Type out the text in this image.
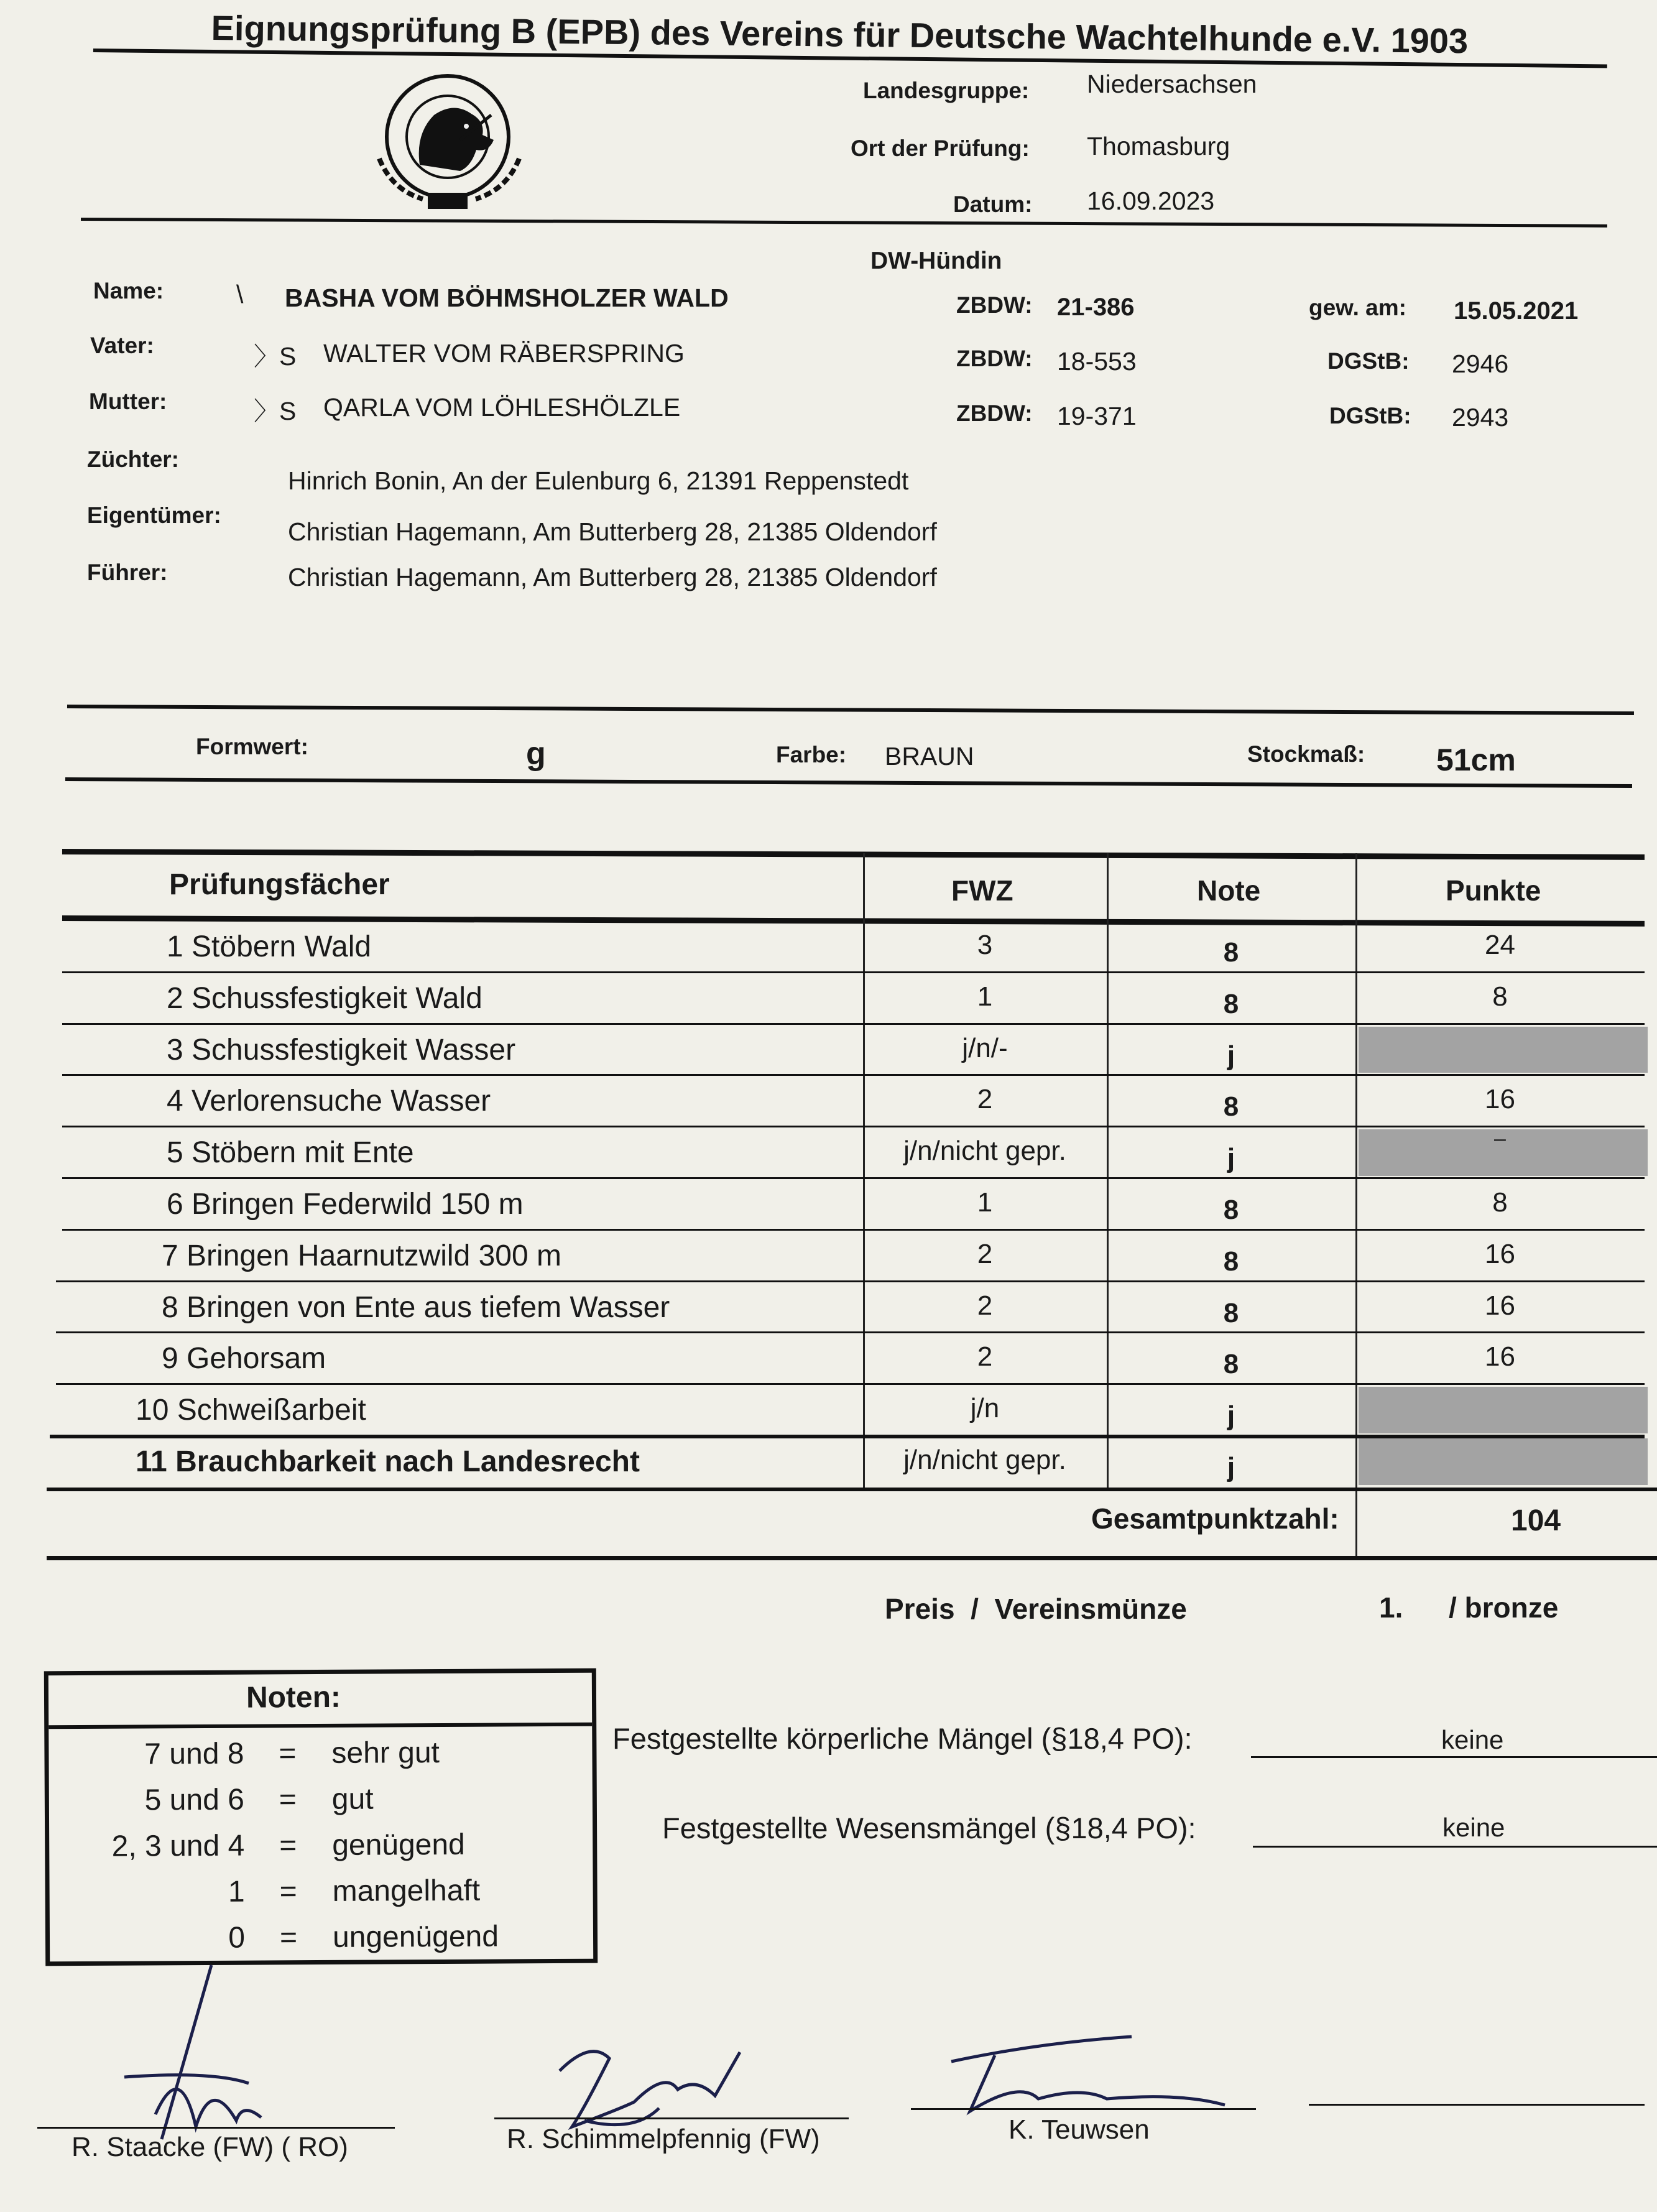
Eignungsprüfung B (EPB) des Vereins für Deutsche Wachtelhunde e.V. 1903
Landesgruppe: Niedersachsen
Ort der Prüfung: Thomasburg
Datum: 16.09.2023
DW-Hündin
Name:	\ BASHA VOM BÖHMSHOLZER WALD	ZBDW: 21-386	gew. am: 15.05.2021
Vater:	〉S WALTER VOM RÄBERSPRING	ZBDW: 18-553	DGStB: 2946
Mutter:	〉S QARLA VOM LÖHLESHÖLZLE	ZBDW: 19-371	DGStB: 2943
Züchter:
Hinrich Bonin, An der Eulenburg 6, 21391 Reppenstedt
Eigentümer:
Christian Hagemann, Am Butterberg 28, 21385 Oldendorf
Führer:	Christian Hagemann, Am Butterberg 28, 21385 Oldendorf
Formwert:	g	Farbe: BRAUN	Stockmaß: 51cm
Prüfungsfächer	FWZ	Note	Punkte
1 Stöbern Wald	3	8	24
2 Schussfestigkeit Wald	1	8	8
3 Schussfestigkeit Wasser	j/n/-	j
4 Verlorensuche Wasser	2	8	16
5 Stöbern mit Ente	j/n/nicht gepr.	j
–
6 Bringen Federwild 150 m	1	8	8
7 Bringen Haarnutzwild 300 m	2	8	16
8 Bringen von Ente aus tiefem Wasser	2	8	16
9 Gehorsam	2	8	16
10 Schweißarbeit	j/n	j
11 Brauchbarkeit nach Landesrecht	j/n/nicht gepr.	j
Gesamtpunktzahl:	104
Preis  /  Vereinsmünze	1. / bronze
Noten:
7 und 8 = sehr gut
5 und 6 = gut
2, 3 und 4 = genügend
1 = mangelhaft
0 = ungenügend
Festgestellte körperliche Mängel (§18,4 PO):	keine
Festgestellte Wesensmängel (§18,4 PO):	keine
R. Staacke (FW) ( RO)	R. Schimmelpfennig (FW)	K. Teuwsen
